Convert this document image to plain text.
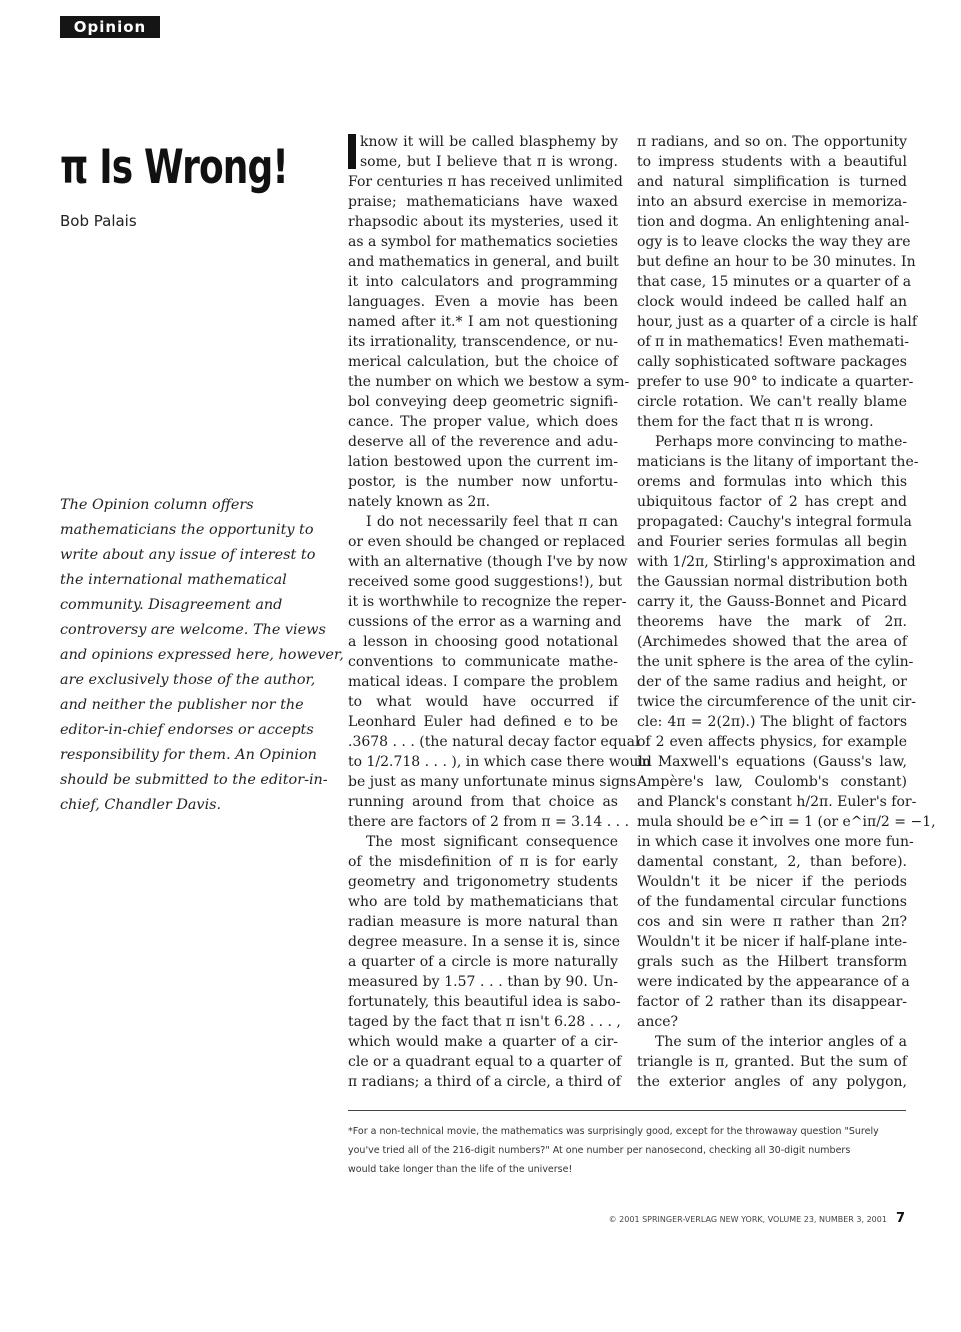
Opinion
π Is Wrong!
Bob Palais
The Opinion column offers
mathematicians the opportunity to
write about any issue of interest to
the international mathematical
community. Disagreement and
controversy are welcome. The views
and opinions expressed here, however,
are exclusively those of the author,
and neither the publisher nor the
editor-in-chief endorses or accepts
responsibility for them. An Opinion
should be submitted to the editor-in-
chief, Chandler Davis.
know it will be called blasphemy by
some, but I believe that π is wrong.
For centuries π has received unlimited
praise; mathematicians have waxed
rhapsodic about its mysteries, used it
as a symbol for mathematics societies
and mathematics in general, and built
it into calculators and programming
languages. Even a movie has been
named after it.* I am not questioning
its irrationality, transcendence, or nu-
merical calculation, but the choice of
the number on which we bestow a sym-
bol conveying deep geometric signifi-
cance. The proper value, which does
deserve all of the reverence and adu-
lation bestowed upon the current im-
postor, is the number now unfortu-
nately known as 2π.
I do not necessarily feel that π can
or even should be changed or replaced
with an alternative (though I've by now
received some good suggestions!), but
it is worthwhile to recognize the reper-
cussions of the error as a warning and
a lesson in choosing good notational
conventions to communicate mathe-
matical ideas. I compare the problem
to what would have occurred if
Leonhard Euler had defined e to be
.3678 . . . (the natural decay factor equal
to 1/2.718 . . . ), in which case there would
be just as many unfortunate minus signs
running around from that choice as
there are factors of 2 from π = 3.14 . . .
The most significant consequence
of the misdefinition of π is for early
geometry and trigonometry students
who are told by mathematicians that
radian measure is more natural than
degree measure. In a sense it is, since
a quarter of a circle is more naturally
measured by 1.57 . . . than by 90. Un-
fortunately, this beautiful idea is sabo-
taged by the fact that π isn't 6.28 . . . ,
which would make a quarter of a cir-
cle or a quadrant equal to a quarter of
π radians; a third of a circle, a third of
π radians, and so on. The opportunity
to impress students with a beautiful
and natural simplification is turned
into an absurd exercise in memoriza-
tion and dogma. An enlightening anal-
ogy is to leave clocks the way they are
but define an hour to be 30 minutes. In
that case, 15 minutes or a quarter of a
clock would indeed be called half an
hour, just as a quarter of a circle is half
of π in mathematics! Even mathemati-
cally sophisticated software packages
prefer to use 90° to indicate a quarter-
circle rotation. We can't really blame
them for the fact that π is wrong.
Perhaps more convincing to mathe-
maticians is the litany of important the-
orems and formulas into which this
ubiquitous factor of 2 has crept and
propagated: Cauchy's integral formula
and Fourier series formulas all begin
with 1/2π, Stirling's approximation and
the Gaussian normal distribution both
carry it, the Gauss-Bonnet and Picard
theorems have the mark of 2π.
(Archimedes showed that the area of
the unit sphere is the area of the cylin-
der of the same radius and height, or
twice the circumference of the unit cir-
cle: 4π = 2(2π).) The blight of factors
of 2 even affects physics, for example
in Maxwell's equations (Gauss's law,
Ampère's law, Coulomb's constant)
and Planck's constant h/2π. Euler's for-
mula should be e^iπ = 1 (or e^iπ/2 = −1,
in which case it involves one more fun-
damental constant, 2, than before).
Wouldn't it be nicer if the periods
of the fundamental circular functions
cos and sin were π rather than 2π?
Wouldn't it be nicer if half-plane inte-
grals such as the Hilbert transform
were indicated by the appearance of a
factor of 2 rather than its disappear-
ance?
The sum of the interior angles of a
triangle is π, granted. But the sum of
the exterior angles of any polygon,
*For a non-technical movie, the mathematics was surprisingly good, except for the throwaway question "Surely
you've tried all of the 216-digit numbers?" At one number per nanosecond, checking all 30-digit numbers
would take longer than the life of the universe!
© 2001 SPRINGER-VERLAG NEW YORK, VOLUME 23, NUMBER 3, 2001 7
